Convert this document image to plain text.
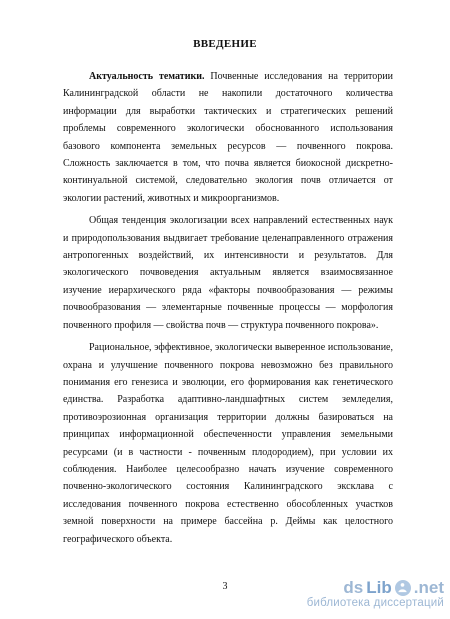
ВВЕДЕНИЕ

Актуальность тематики. Почвенные исследования на территории Калининградской области не накопили достаточного количества информации для выработки тактических и стратегических решений проблемы современного экологически обоснованного использования базового компонента земельных ресурсов — почвенного покрова. Сложность заключается в том, что почва является биокосной дискретно-континуальной системой, следовательно экология почв отличается от экологии растений, животных и микроорганизмов.

Общая тенденция экологизации всех направлений естественных наук и природопользования выдвигает требование целенаправленного отражения антропогенных воздействий, их интенсивности и результатов. Для экологического почвоведения актуальным является взаимосвязанное изучение иерархического ряда «факторы почвообразования — режимы почвообразования — элементарные почвенные процессы — морфология почвенного профиля — свойства почв — структура почвенного покрова».

Рациональное, эффективное, экологически выверенное использование, охрана и улучшение почвенного покрова невозможно без правильного понимания его генезиса и эволюции, его формирования как генетического единства. Разработка адаптивно-ландшафтных систем земледелия, противоэрозионная организация территории должны базироваться на принципах информационной обеспеченности управления земельными ресурсами (и в частности - почвенным плодородием), при условии их соблюдения. Наиболее целесообразно начать изучение современного почвенно-экологического состояния Калининградского эксклава с исследования почвенного покрова естественно обособленных участков земной поверхности на примере бассейна р. Деймы как целостного географического объекта.

3	ds Lib .net
библиотека диссертаций
